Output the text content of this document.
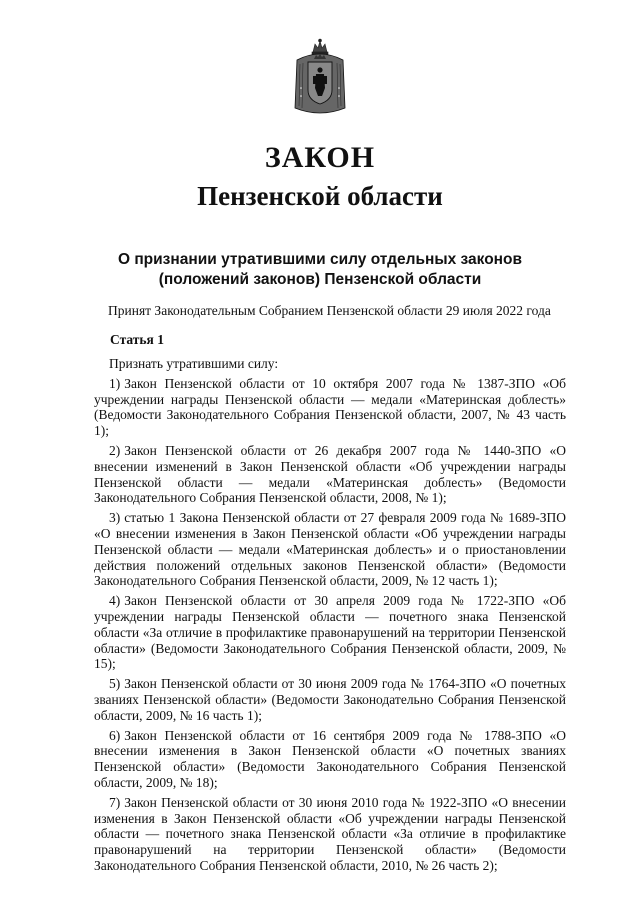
ЗАКОН
Пензенской области
О признании утратившими силу отдельных законов
(положений законов) Пензенской области
Принят Законодательным Собранием Пензенской области 29 июля 2022 года
Статья 1

Признать утратившими силу:

1) Закон Пензенской области от 10 октября 2007 года № 1387-ЗПО «Об учреждении награды Пензенской области — медали «Материнская доблесть» (Ведомости Законодательного Собрания Пензенской области, 2007, № 43 часть 1);

2) Закон Пензенской области от 26 декабря 2007 года № 1440-ЗПО «О внесении изменений в Закон Пензенской области «Об учреждении награды Пензенской области — медали «Материнская доблесть» (Ведомости Законодательного Собрания Пензенской области, 2008, № 1);

3) статью 1 Закона Пензенской области от 27 февраля 2009 года № 1689-ЗПО «О внесении изменения в Закон Пензенской области «Об учреждении награды Пензенской области — медали «Материнская доблесть» и о приостановлении действия положений отдельных законов Пензенской области» (Ведомости Законодательного Собрания Пензенской области, 2009, № 12 часть 1);

4) Закон Пензенской области от 30 апреля 2009 года № 1722-ЗПО «Об учреждении награды Пензенской области — почетного знака Пензенской области «За отличие в профилактике правонарушений на территории Пензенской области» (Ведомости Законодательного Собрания Пензенской области, 2009, № 15);

5) Закон Пензенской области от 30 июня 2009 года № 1764-ЗПО «О почетных званиях Пензенской области» (Ведомости Законодательно Собрания Пензенской области, 2009, № 16 часть 1);

6) Закон Пензенской области от 16 сентября 2009 года № 1788-ЗПО «О внесении изменения в Закон Пензенской области «О почетных званиях Пензенской области» (Ведомости Законодательного Собрания Пензенской области, 2009, № 18);

7) Закон Пензенской области от 30 июня 2010 года № 1922-ЗПО «О внесении изменения в Закон Пензенской области «Об учреждении награды Пензенской области — почетного знака Пензенской области «За отличие в профилактике правонарушений на территории Пензенской области» (Ведомости Законодательного Собрания Пензенской области, 2010, № 26 часть 2);
